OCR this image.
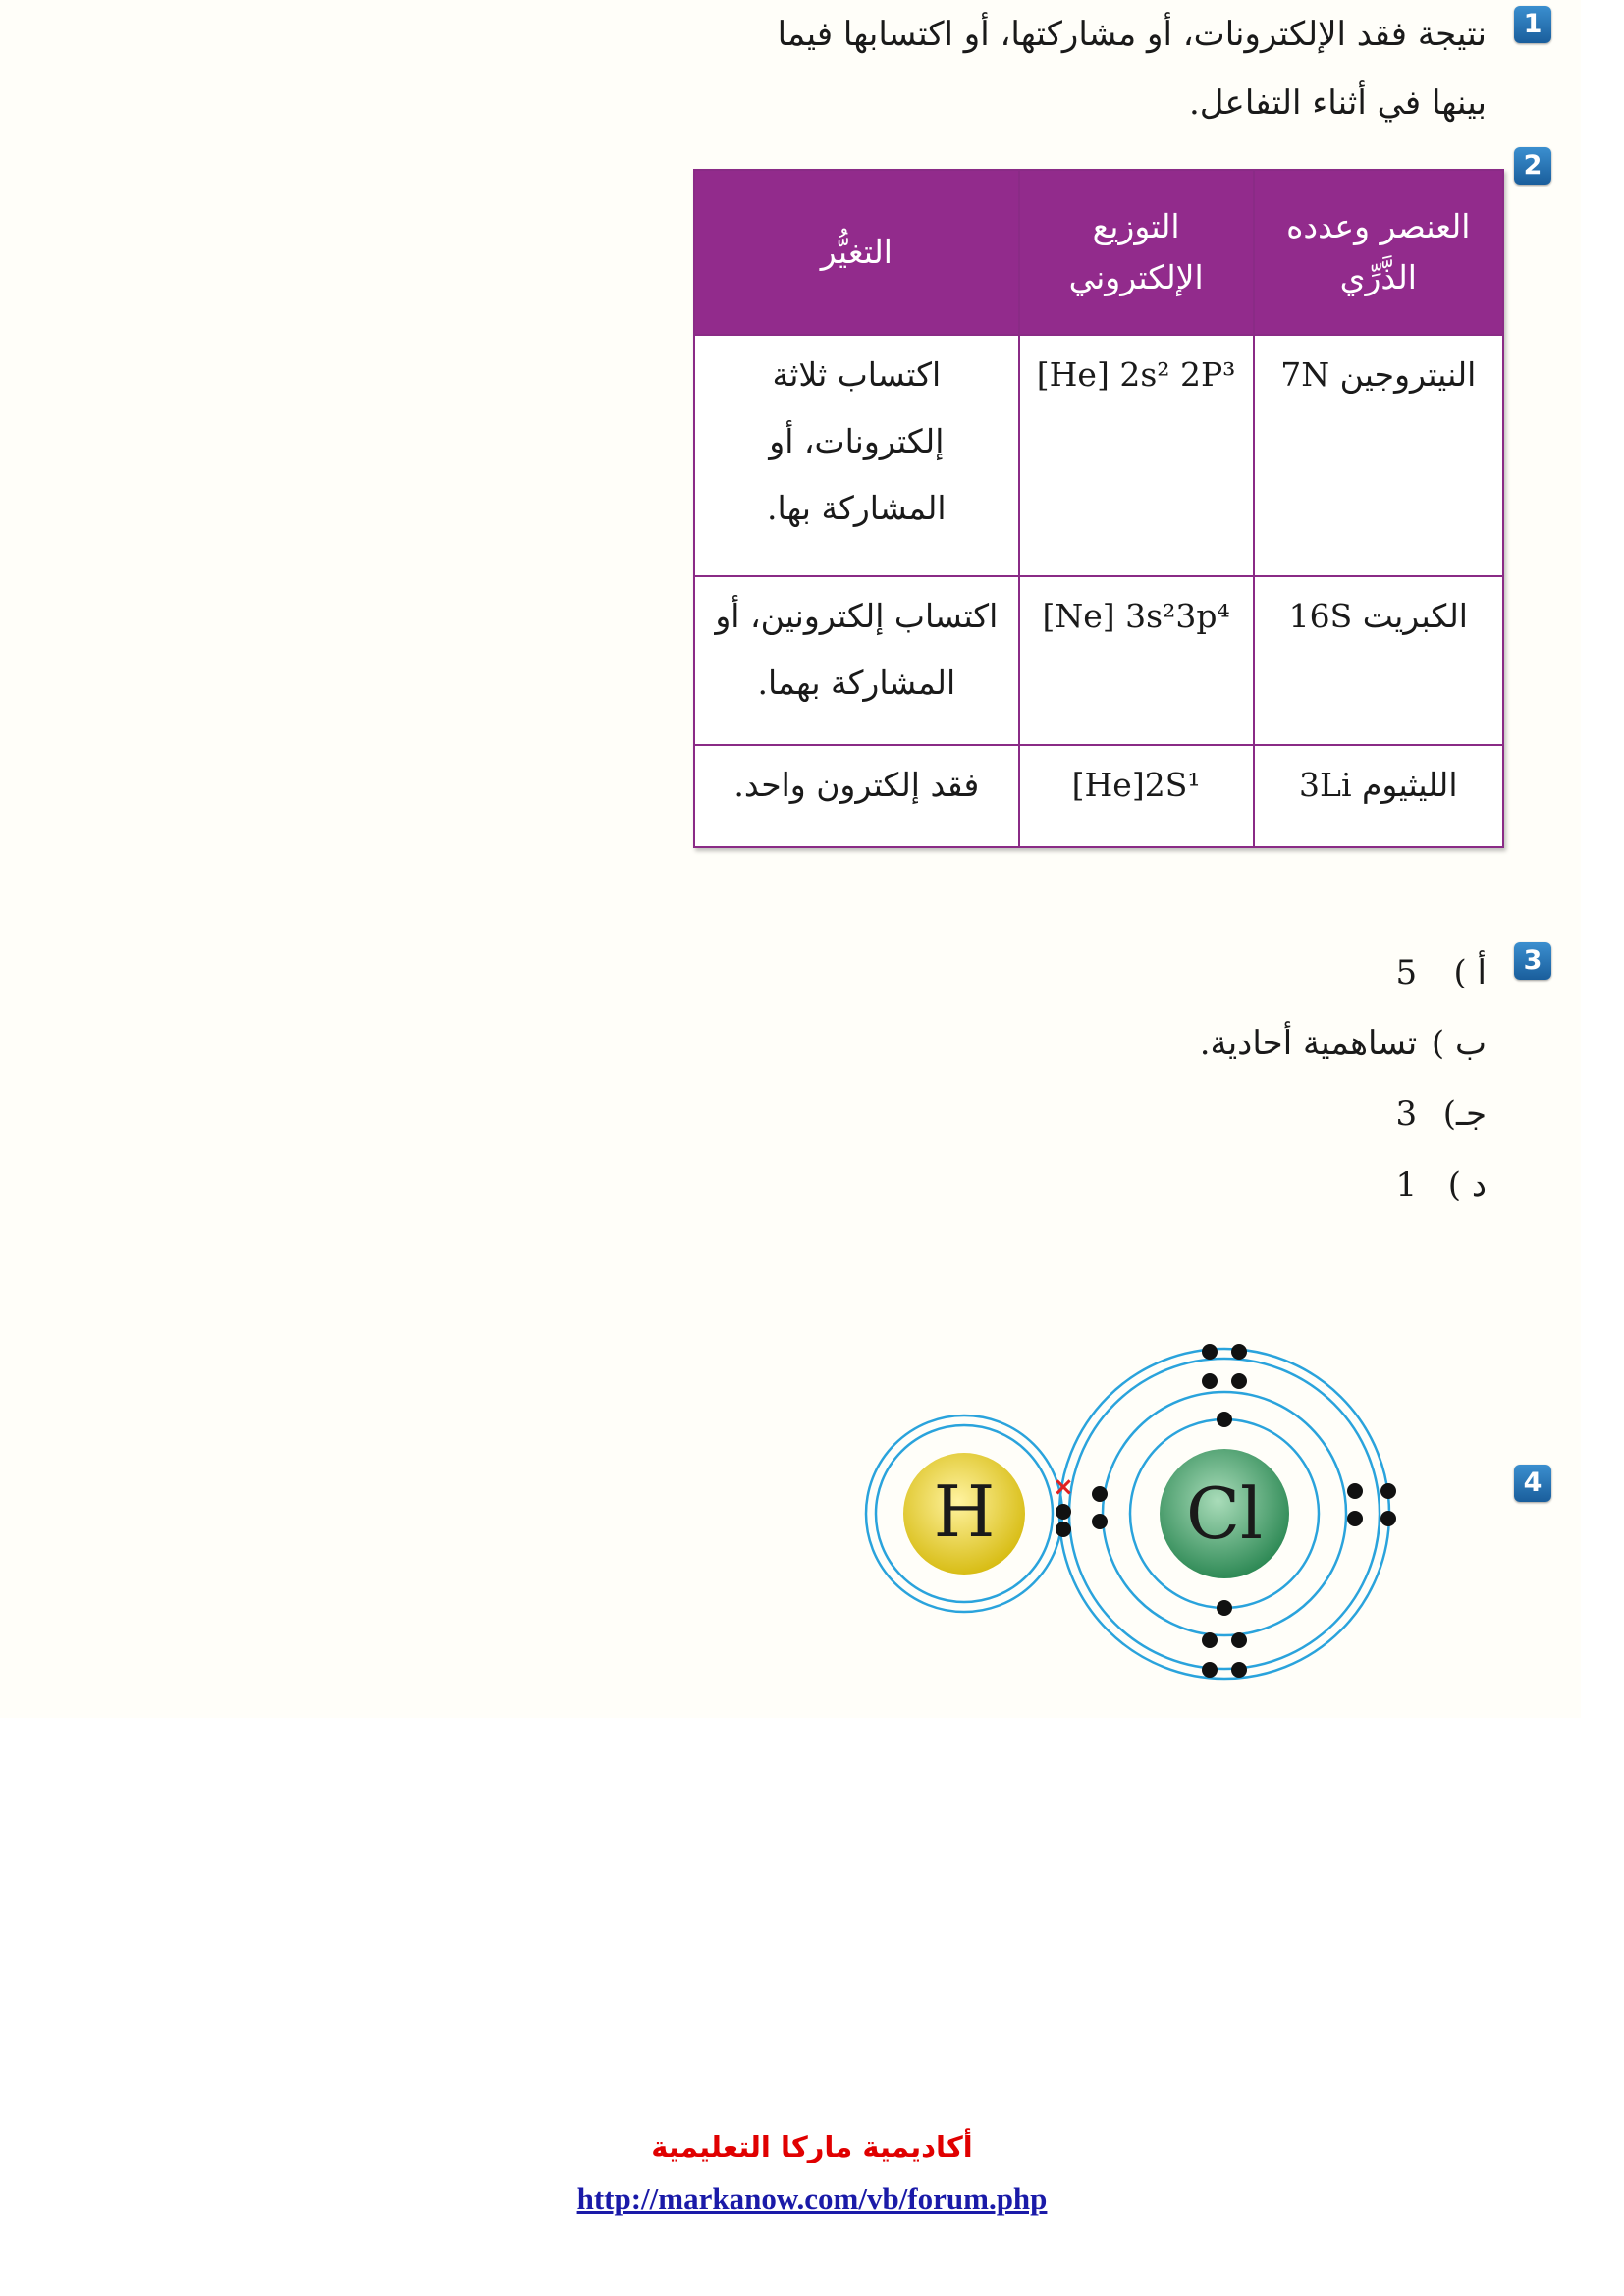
1
نتيجة فقد الإلكترونات، أو مشاركتها، أو اكتسابها فيما
بينها في أثناء التفاعل.
2
العنصر وعدده الذَّرِّي	التوزيع الإلكتروني	التغيُّر
النيتروجين 7N	[He] 2s² 2P³	اكتساب ثلاثة إلكترونات، أو المشاركة بها.
الكبريت 16S	[Ne] 3s²3p⁴	اكتساب إلكترونين، أو المشاركة بهما.
الليثيوم 3Li	[He]2S¹	فقد إلكترون واحد.
3
أ ) 5
ب ) تساهمية أحادية.
جـ) 3
د ) 1
4
H	Cl
×
أكاديمية ماركا التعليمية
http://markanow.com/vb/forum.php
